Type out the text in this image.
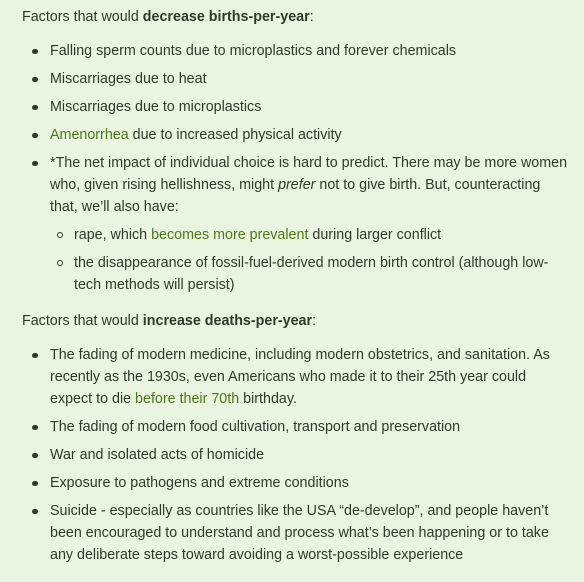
Factors that would decrease births-per-year:

Falling sperm counts due to microplastics and forever chemicals
Miscarriages due to heat
Miscarriages due to microplastics
Amenorrhea due to increased physical activity
*The net impact of individual choice is hard to predict. There may be more women who, given rising hellishness, might prefer not to give birth. But, counteracting that, we’ll also have:
rape, which becomes more prevalent during larger conflict
the disappearance of fossil-fuel-derived modern birth control (although low-tech methods will persist)

Factors that would increase deaths-per-year:

The fading of modern medicine, including modern obstetrics, and sanitation. As recently as the 1930s, even Americans who made it to their 25th year could expect to die before their 70th birthday.
The fading of modern food cultivation, transport and preservation
War and isolated acts of homicide
Exposure to pathogens and extreme conditions
Suicide - especially as countries like the USA “de-develop”, and people haven’t been encouraged to understand and process what’s been happening or to take any deliberate steps toward avoiding a worst-possible experience
